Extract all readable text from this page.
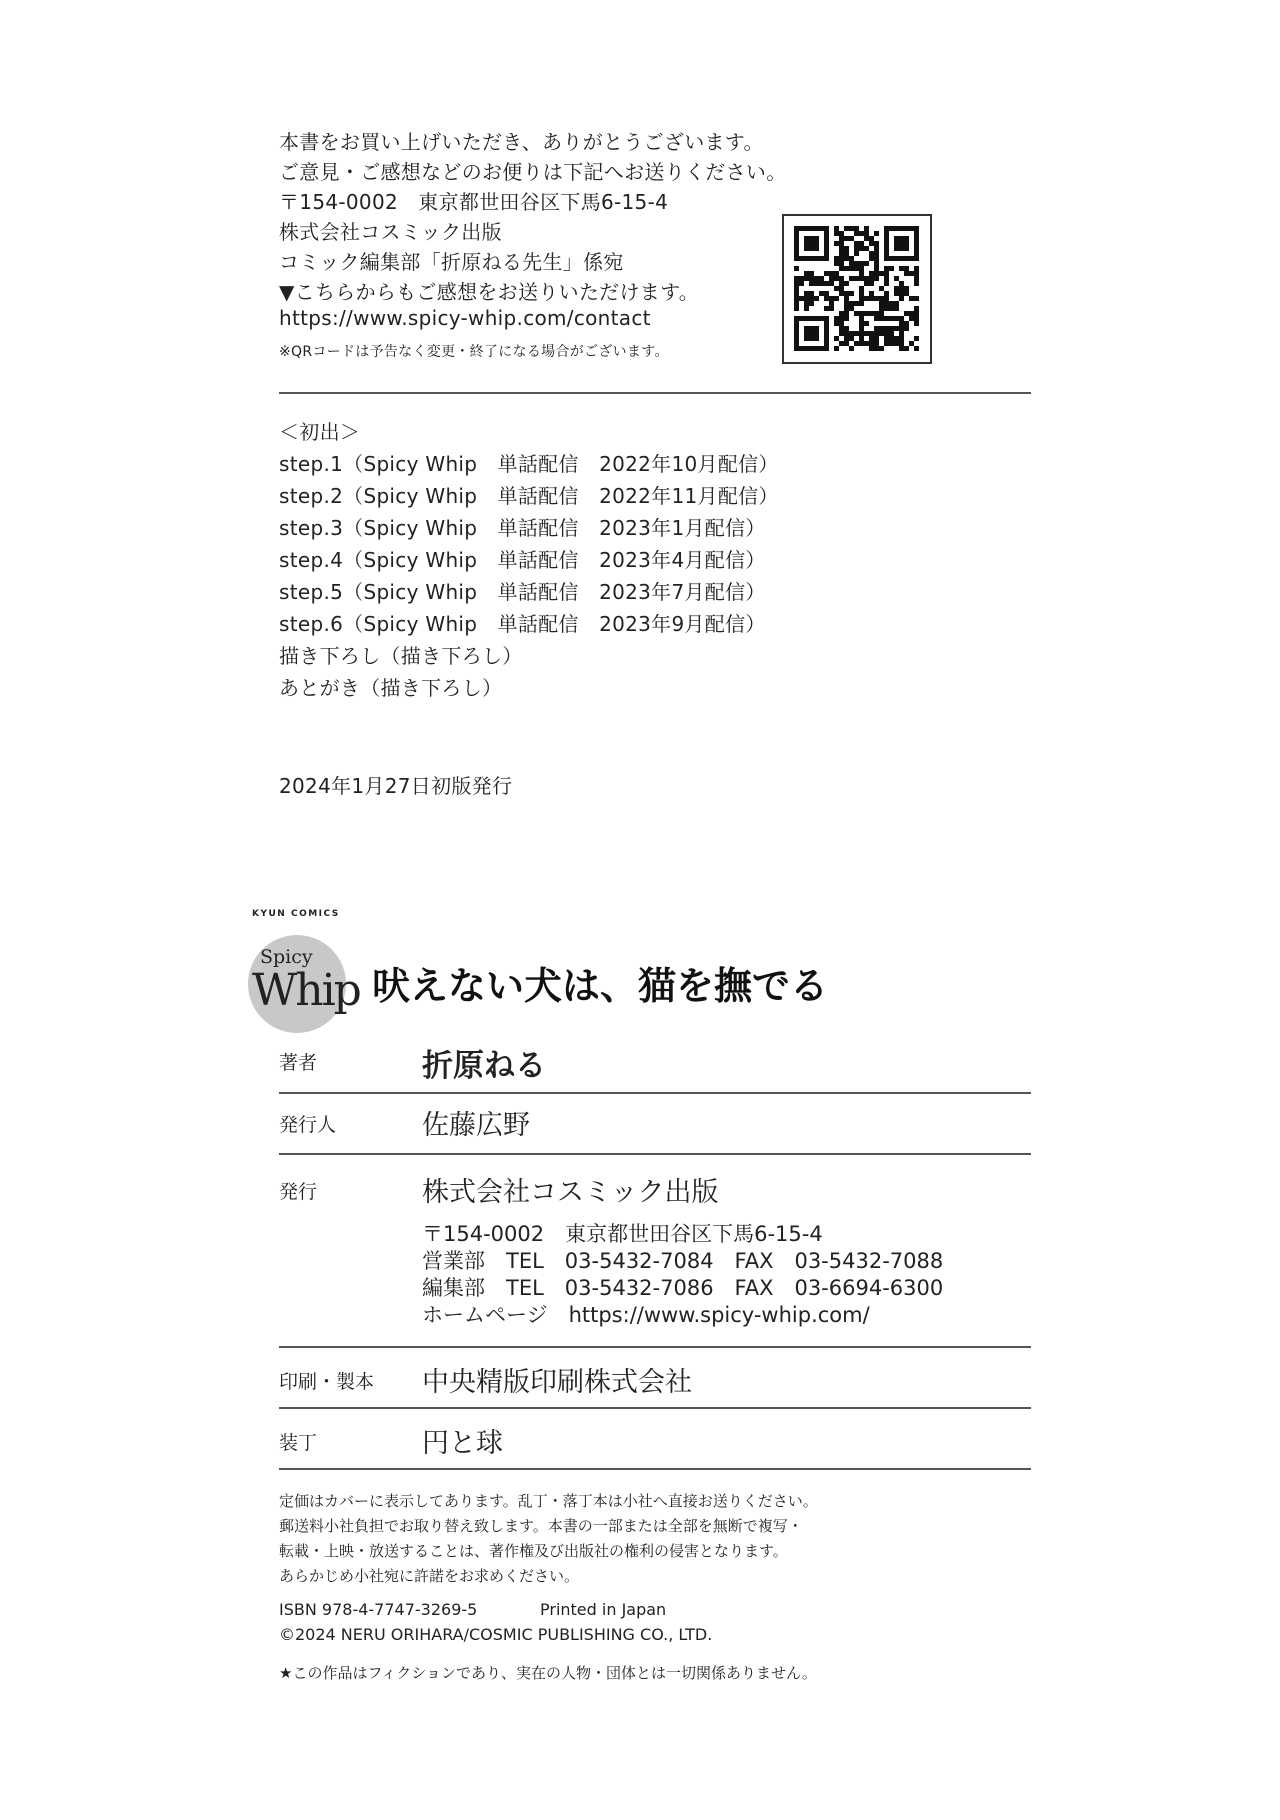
本書をお買い上げいただき、ありがとうございます。
ご意見・ご感想などのお便りは下記へお送りください。
〒154-0002　東京都世田谷区下馬6-15-4
株式会社コスミック出版
コミック編集部「折原ねる先生」係宛
▼こちらからもご感想をお送りいただけます。
https://www.spicy-whip.com/contact
※QRコードは予告なく変更・終了になる場合がございます。
＜初出＞
step.1（Spicy Whip　単話配信　2022年10月配信）
step.2（Spicy Whip　単話配信　2022年11月配信）
step.3（Spicy Whip　単話配信　2023年1月配信）
step.4（Spicy Whip　単話配信　2023年4月配信）
step.5（Spicy Whip　単話配信　2023年7月配信）
step.6（Spicy Whip　単話配信　2023年9月配信）
描き下ろし（描き下ろし）
あとがき（描き下ろし）
2024年1月27日初版発行
KYUN COMICS
Spicy
Whip 吠えない犬は、猫を撫でる
著者	折原ねる
発行人	佐藤広野
発行	株式会社コスミック出版
〒154-0002　東京都世田谷区下馬6-15-4
営業部　TEL　03-5432-7084　FAX　03-5432-7088
編集部　TEL　03-5432-7086　FAX　03-6694-6300
ホームページ　https://www.spicy-whip.com/
印刷・製本 中央精版印刷株式会社
装丁	円と球
定価はカバーに表示してあります。乱丁・落丁本は小社へ直接お送りください。
郵送料小社負担でお取り替え致します。本書の一部または全部を無断で複写・
転載・上映・放送することは、著作権及び出版社の権利の侵害となります。
あらかじめ小社宛に許諾をお求めください。
ISBN 978-4-7747-3269-5	Printed in Japan
©2024 NERU ORIHARA/COSMIC PUBLISHING CO., LTD.
★この作品はフィクションであり、実在の人物・団体とは一切関係ありません。
